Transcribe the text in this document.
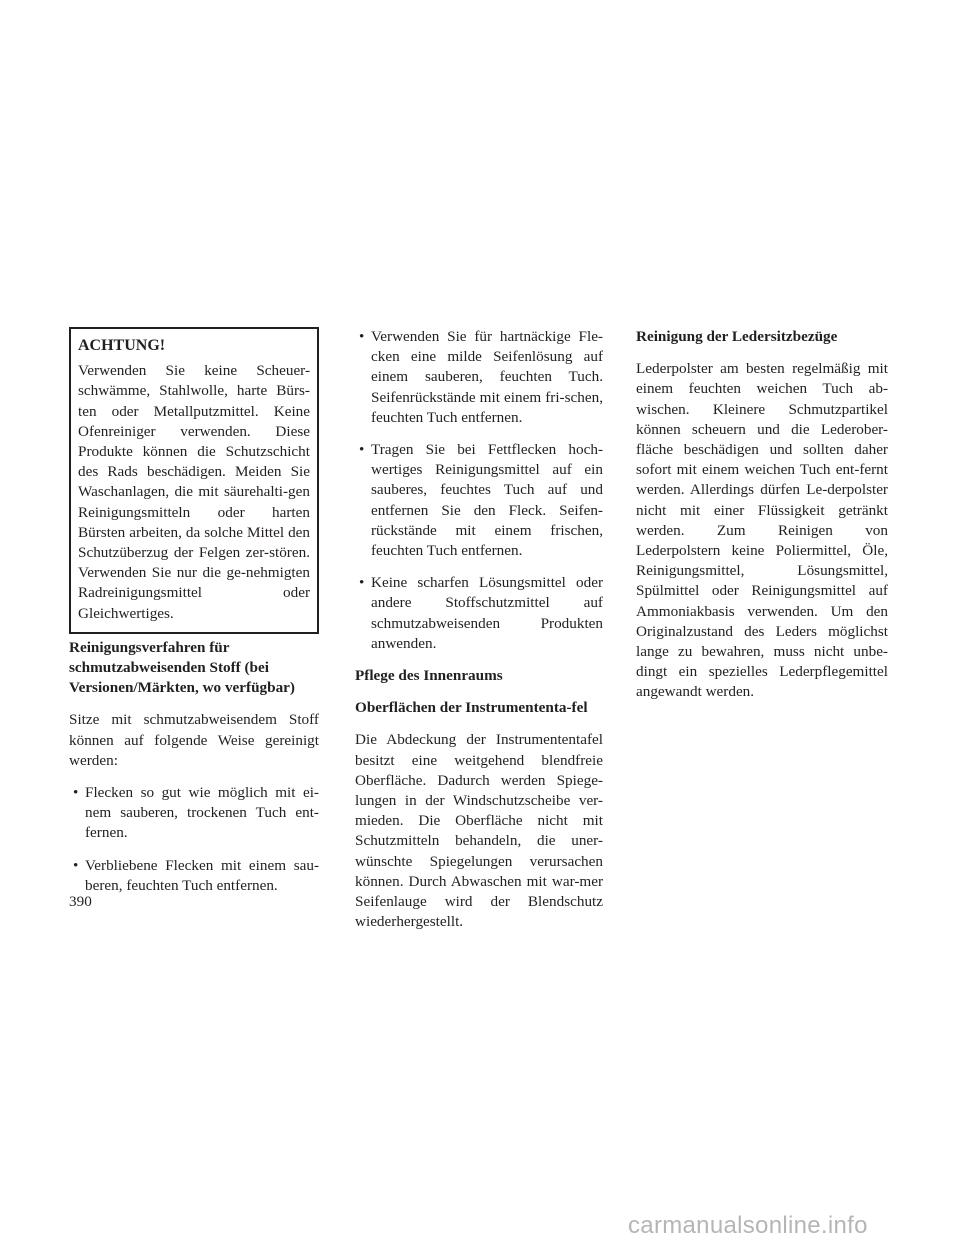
ACHTUNG!

Verwenden Sie keine Scheuer-schwämme, Stahlwolle, harte Bürs-ten oder Metallputzmittel. Keine Ofenreiniger verwenden. Diese Produkte können die Schutzschicht des Rads beschädigen. Meiden Sie Waschanlagen, die mit säurehalti-gen Reinigungsmitteln oder harten Bürsten arbeiten, da solche Mittel den Schutzüberzug der Felgen zer-stören. Verwenden Sie nur die ge-nehmigten Radreinigungsmittel oder Gleichwertiges.

Reinigungsverfahren für schmutzabweisenden Stoff (bei Versionen/Märkten, wo verfügbar)

Sitze mit schmutzabweisendem Stoff können auf folgende Weise gereinigt werden:

• Flecken so gut wie möglich mit ei-nem sauberen, trockenen Tuch ent-fernen.
• Verbliebene Flecken mit einem sau-beren, feuchten Tuch entfernen.
• Verwenden Sie für hartnäckige Fle-cken eine milde Seifenlösung auf einem sauberen, feuchten Tuch. Seifenrückstände mit einem fri-schen, feuchten Tuch entfernen.
• Tragen Sie bei Fettflecken hoch-wertiges Reinigungsmittel auf ein sauberes, feuchtes Tuch auf und entfernen Sie den Fleck. Seifen-rückstände mit einem frischen, feuchten Tuch entfernen.
• Keine scharfen Lösungsmittel oder andere Stoffschutzmittel auf schmutzabweisenden Produkten anwenden.
Pflege des Innenraums
Oberflächen der Instrumententa-fel

Die Abdeckung der Instrumententafel besitzt eine weitgehend blendfreie Oberfläche. Dadurch werden Spiege-lungen in der Windschutzscheibe ver-mieden. Die Oberfläche nicht mit Schutzmitteln behandeln, die uner-wünschte Spiegelungen verursachen können. Durch Abwaschen mit war-mer Seifenlauge wird der Blendschutz wiederhergestellt.

Reinigung der Ledersitzbezüge

Lederpolster am besten regelmäßig mit einem feuchten weichen Tuch ab-wischen. Kleinere Schmutzpartikel können scheuern und die Lederober-fläche beschädigen und sollten daher sofort mit einem weichen Tuch ent-fernt werden. Allerdings dürfen Le-derpolster nicht mit einer Flüssigkeit getränkt werden. Zum Reinigen von Lederpolstern keine Poliermittel, Öle, Reinigungsmittel, Lösungsmittel, Spülmittel oder Reinigungsmittel auf Ammoniakbasis verwenden. Um den Originalzustand des Leders möglichst lange zu bewahren, muss nicht unbe-dingt ein spezielles Lederpflegemittel angewandt werden.

390
carmanualsonline.info
